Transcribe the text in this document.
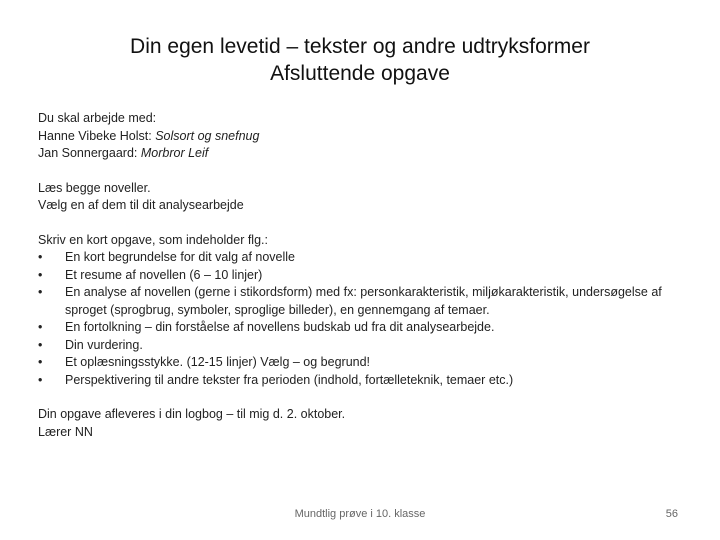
Din egen levetid – tekster og andre udtryksformer
Afsluttende opgave

Du skal arbejde med:

Hanne Vibeke Holst: Solsort og snefnug

Jan Sonnergaard: Morbror Leif

Læs begge noveller.

Vælg en af dem til dit analysearbejde

Skriv en kort opgave, som indeholder flg.:

• En kort begrundelse for dit valg af novelle
• Et resume af novellen (6 – 10 linjer)
• En analyse af novellen (gerne i stikordsform) med fx: personkarakteristik, miljøkarakteristik, undersøgelse af sproget (sprogbrug, symboler, sproglige billeder), en gennemgang af temaer.
• En fortolkning – din forståelse af novellens budskab ud fra dit analysearbejde.
• Din vurdering.
• Et oplæsningsstykke. (12-15 linjer) Vælg – og begrund!
• Perspektivering til andre tekster fra perioden (indhold, fortælleteknik, temaer etc.)

Din opgave afleveres i din logbog – til mig d. 2. oktober.

Lærer NN

Mundtlig prøve i 10. klasse	56
